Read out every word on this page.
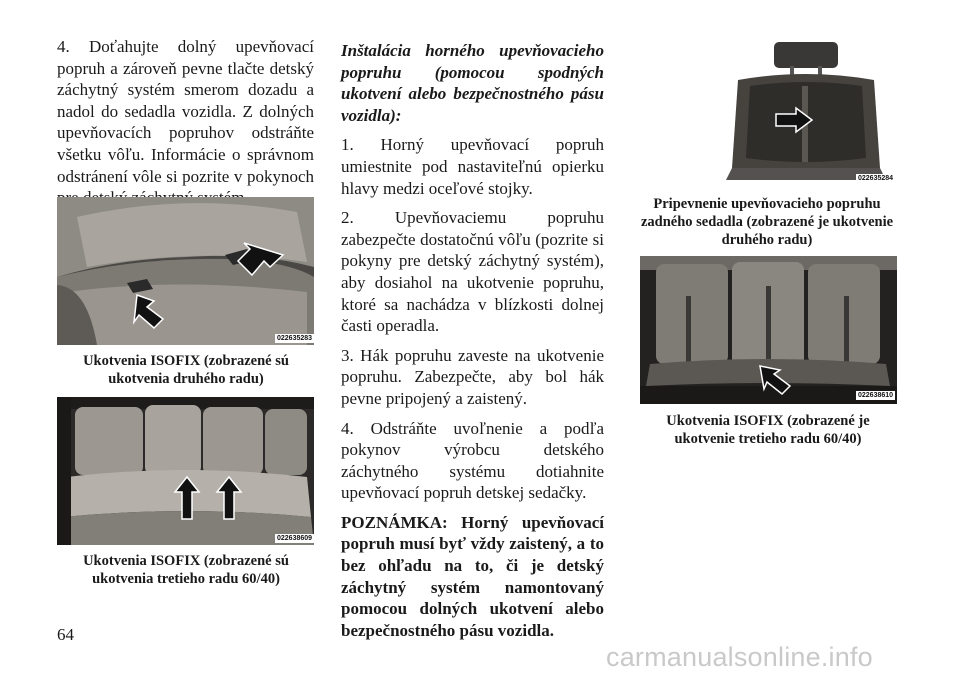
4. Doťahujte dolný upevňovací popruh a zároveň pevne tlačte detský záchytný systém smerom dozadu a nadol do sedadla vozidla. Z dolných upevňovacích popruhov odstráňte všetku vôľu. Informácie o správnom odstránení vôle si pozrite v pokynoch
022635283
Ukotvenia ISOFIX (zobrazené sú ukotvenia druhého radu)
022638609
Ukotvenia ISOFIX (zobrazené sú ukotvenia tretieho radu 60/40)

Inštalácia horného upevňovacieho popruhu (pomocou spodných ukotvení alebo bezpečnostného pásu vozidla):

1. Horný upevňovací popruh umiestnite pod nastaviteľnú opierku hlavy medzi oceľové stojky.

2. Upevňovaciemu popruhu zabezpečte dostatočnú vôľu (pozrite si pokyny pre detský záchytný systém), aby dosiahol na ukotvenie popruhu, ktoré sa nachádza v blízkosti dolnej časti operadla.

3. Hák popruhu zaveste na ukotvenie popruhu. Zabezpečte, aby bol hák pevne pripojený a zaistený.

4. Odstráňte uvoľnenie a podľa pokynov výrobcu detského záchytného systému dotiahnite upevňovací popruh detskej sedačky.

POZNÁMKA: Horný upevňovací popruh musí byť vždy zaistený, a to bez ohľadu na to, či je detský záchytný systém namontovaný pomocou dolných ukotvení alebo bezpečnostného pásu vozidla.

022635284
Pripevnenie upevňovacieho popruhu zadného sedadla (zobrazené je ukotvenie druhého radu)
022638610
Ukotvenia ISOFIX (zobrazené je ukotvenie tretieho radu 60/40)
64
carmanualsonline.info
